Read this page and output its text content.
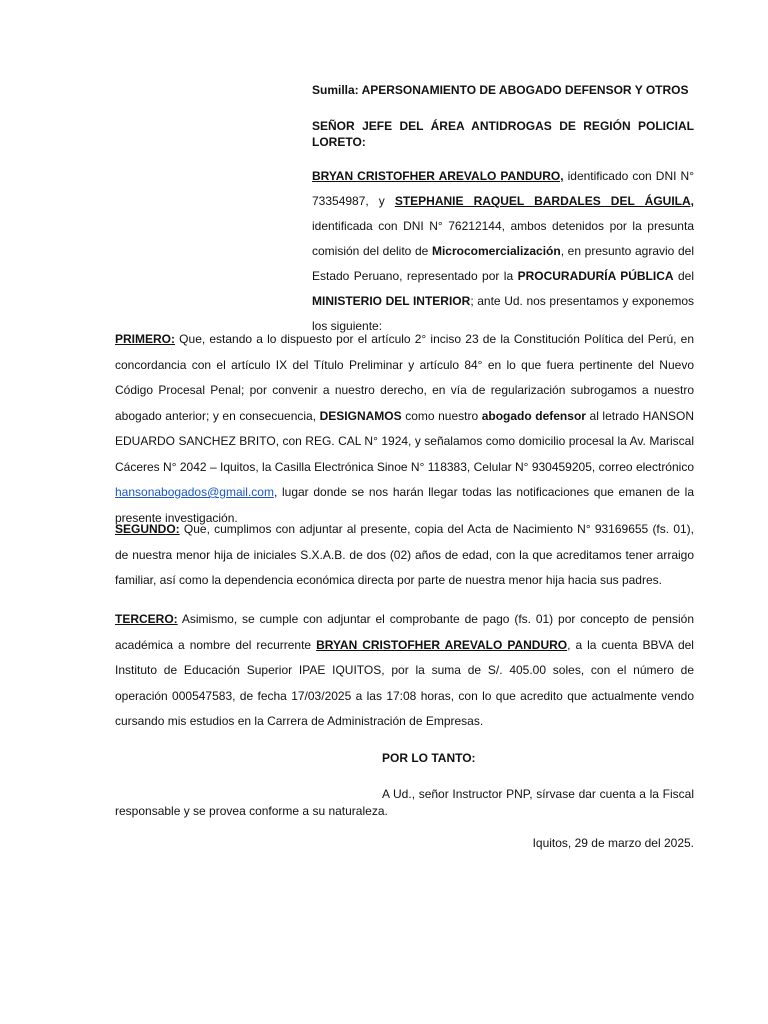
Sumilla: APERSONAMIENTO DE ABOGADO DEFENSOR Y OTROS
SEÑOR JEFE DEL ÁREA ANTIDROGAS DE REGIÓN POLICIAL LORETO:
BRYAN CRISTOFHER AREVALO PANDURO, identificado con DNI N° 73354987, y STEPHANIE RAQUEL BARDALES DEL ÁGUILA, identificada con DNI N° 76212144, ambos detenidos por la presunta comisión del delito de Microcomercialización, en presunto agravio del Estado Peruano, representado por la PROCURADURÍA PÚBLICA del MINISTERIO DEL INTERIOR; ante Ud. nos presentamos y exponemos los siguiente:
PRIMERO: Que, estando a lo dispuesto por el artículo 2° inciso 23 de la Constitución Política del Perú, en concordancia con el artículo IX del Título Preliminar y artículo 84° en lo que fuera pertinente del Nuevo Código Procesal Penal; por convenir a nuestro derecho, en vía de regularización subrogamos a nuestro abogado anterior; y en consecuencia, DESIGNAMOS como nuestro abogado defensor al letrado HANSON EDUARDO SANCHEZ BRITO, con REG. CAL N° 1924, y señalamos como domicilio procesal la Av. Mariscal Cáceres N° 2042 – Iquitos, la Casilla Electrónica Sinoe N° 118383, Celular N° 930459205, correo electrónico hansonabogados@gmail.com, lugar donde se nos harán llegar todas las notificaciones que emanen de la presente investigación.
SEGUNDO: Que, cumplimos con adjuntar al presente, copia del Acta de Nacimiento N° 93169655 (fs. 01), de nuestra menor hija de iniciales S.X.A.B. de dos (02) años de edad, con la que acreditamos tener arraigo familiar, así como la dependencia económica directa por parte de nuestra menor hija hacia sus padres.
TERCERO: Asimismo, se cumple con adjuntar el comprobante de pago (fs. 01) por concepto de pensión académica a nombre del recurrente BRYAN CRISTOFHER AREVALO PANDURO, a la cuenta BBVA del Instituto de Educación Superior IPAE IQUITOS, por la suma de S/. 405.00 soles, con el número de operación 000547583, de fecha 17/03/2025 a las 17:08 horas, con lo que acredito que actualmente vendo cursando mis estudios en la Carrera de Administración de Empresas.
POR LO TANTO:
A Ud., señor Instructor PNP, sírvase dar cuenta a la Fiscal responsable y se provea conforme a su naturaleza.
Iquitos, 29 de marzo del 2025.
